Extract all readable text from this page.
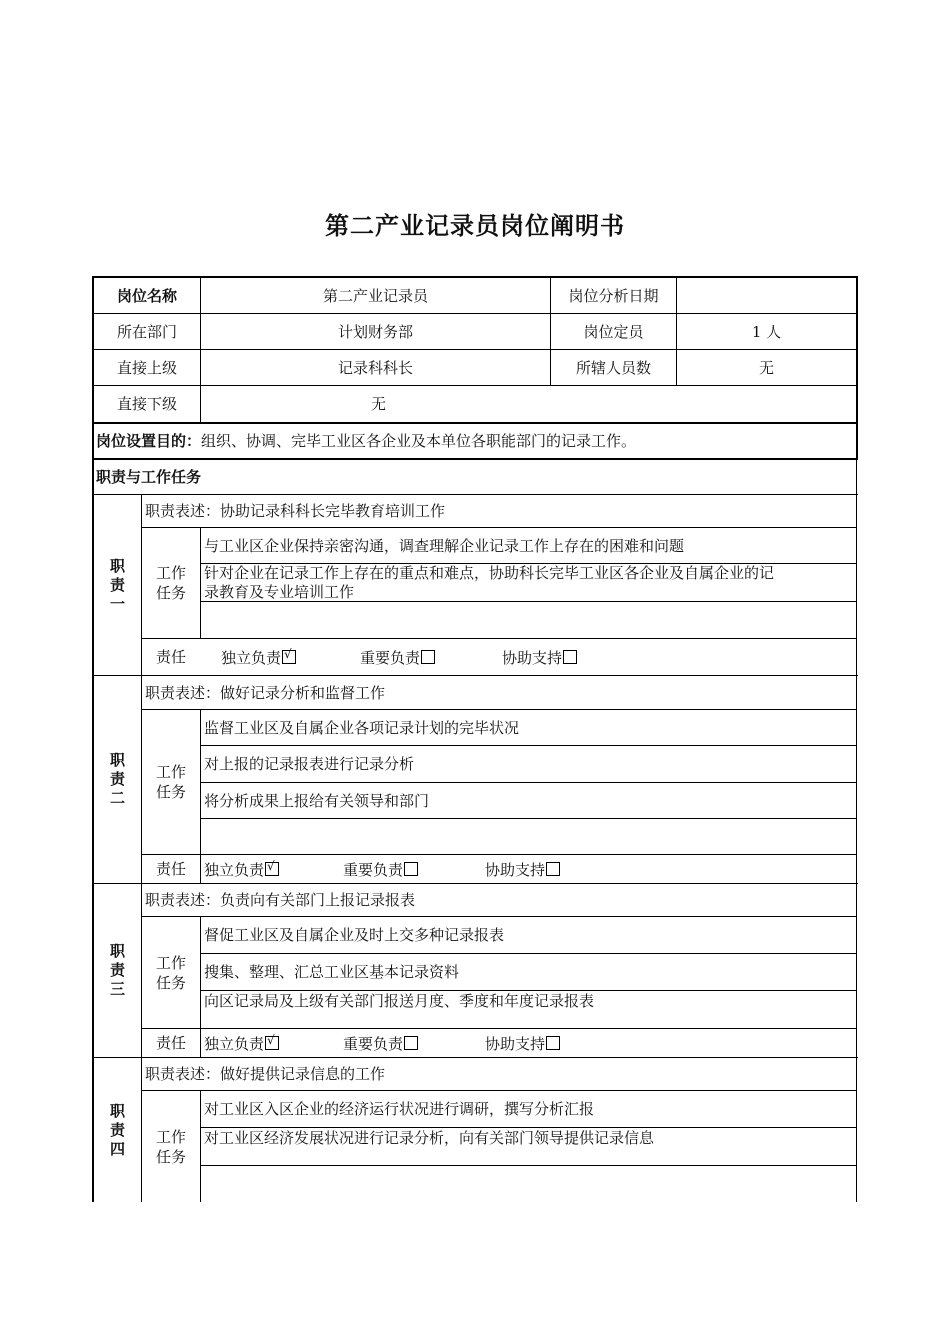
第二产业记录员岗位阐明书
岗位名称	第二产业记录员	岗位分析日期
所在部门	计划财务部	岗位定员	1 人
直接上级	记录科科长	所辖人员数	无
直接下级	无
岗位设置目的： 组织、协调、完毕工业区各企业及本单位各职能部门的记录工作。
职责与工作任务
职
责
一
职责表述：协助记录科科长完毕教育培训工作
工作
任务
与工业区企业保持亲密沟通，调查理解企业记录工作上存在的困难和问题
针对企业在记录工作上存在的重点和难点，协助科长完毕工业区各企业及自属企业的记
录教育及专业培训工作
责任	独立负责 √	重要负责	协助支持
职
责
二
职责表述：做好记录分析和监督工作
工作
任务
监督工业区及自属企业各项记录计划的完毕状况
对上报的记录报表进行记录分析
将分析成果上报给有关领导和部门
责任	独立负责 √	重要负责	协助支持
职
责
三
职责表述：负责向有关部门上报记录报表
工作
任务
督促工业区及自属企业及时上交多种记录报表
搜集、整理、汇总工业区基本记录资料
向区记录局及上级有关部门报送月度、季度和年度记录报表
责任	独立负责 √	重要负责	协助支持
职
责
四
职责表述：做好提供记录信息的工作
工作
任务
对工业区入区企业的经济运行状况进行调研，撰写分析汇报
对工业区经济发展状况进行记录分析，向有关部门领导提供记录信息
